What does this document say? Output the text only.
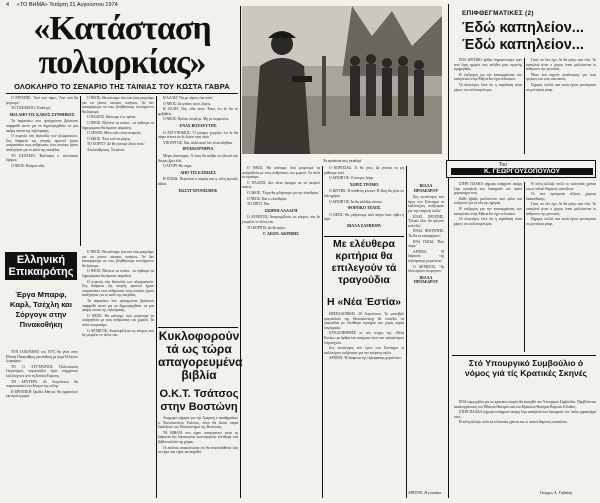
4 «ΤΟ ΒΗΜΑ» Τετάρτη 21 Αυγούστου 1974
«Κατάσταση
πολιορκίας»
ΟΛΟΚΛΗΡΟ ΤΟ ΣΕΝΑΡΙΟ ΤΗΣ ΤΑΙΝΙΑΣ ΤΟΥ ΚΩΣΤΑ ΓΑΒΡΑ

Ο ΕΡΓΑΤΗΣ: 'Από πού πάμε; 'Από πού θα φύγουμε;'

ΤΟ ΤΑΞΙΜΑΤΟ: 'Καλά μη.'

ΜΙΑ ΑΠΟ ΤΙΣ ΚΑΚΕΣ ΣΥΝΘΗΚΕΣ

Τα παρακάτω που προέρχονται βρίσκουν παραμύθι αυτοί για να δημιουργηθούν σε μια ακόμη ταινία της τηλεόρασης.

Ο στρατός στη δυσκολία των αξιωματικών. Στη διάρκεια της σκηνής αρκετοί έχουν υπερασπίσει τους ανθρώπους τους οποίους έχουν αναζητήσει για το καλό της πατρίδας.

ΤΟ ΣΧΟΛΕΙΟ: 'Καλύτερα ο τελευταίος δρόμος.'

Ο ΝΕΟΣ: Κόσμου εδώ.

Ο ΝΕΟΣ: Θα κάνουμε όσο και όσα μπορούμε για να γίνουν κάποιες κινήσεις. Αν δεν καταφέρουμε να τους βοηθήσουμε τουλάχιστον θα ξέρουμε.

Ο ΠΑΛΙΟΣ: Κάνουμε ό,τι πρέπει.

Ο ΝΕΟΣ: Βλέπετε τα σπίτια... αν έρθουμε τα ξημερώματα θα είμαστε ασφαλείς.

Ο ΞΕΝΟΣ: Μόνο κάτι είναι ασφαλές.

Ο ΙΔΙΟΣ: 'Έτσι εσύ να φύγεις.'

ΤΟ ΧΟΡΤΟ: 'Δε θα γίνουμε ξένοι ποτέ.'

Απελευθέρωση. Τα πάντα.

Η ΑΛΛΗ: 'Να με πάρεις ένα σπίτι.'

Ο ΝΕΟΣ: Δε φτάνει αυτό, ξέρεις.

Η ΑΛΛΗ: Ναι, είδα αυτό. Είπες ότι δε θα το φοβηθείς.

Ο ΝΕΟΣ: Πρέπει να φύγω. Μη με περιμένεις.

ΕΝΑΣ ΒΟΥΛΕΥΤΗΣ

Ο ΑΣΤΥΝΟΜΟΣ: 'Ο κόσμος γνωρίζει ότι δε θα πάρει τίποτα αν δε δώσει κάτι πίσω.'

ΥΠΟΥΡΓΟΣ: Ναι, αλλά αυτό δεν είναι αλήθεια.

ΙΡΟΣΚΟΡΤΗΡΙΑ

Μέρες διασποράς. Ο λαός θα ανέβει στο βουνό και θα μας βρει εδώ.

Ο ΑΓΟΡΙ: Θα πάμε;

ΑΠΟ ΤΙΣ ΕΛΠΙΔΕΣ

Η ΠΑΝΩ: Περνούσε ο καιρός και η πόλη έμοιαζε άδεια.

ΕΚΣΥΓΧΡΟΝΙΣΜΟΣ

Ο ΝΕΟΣ: Θα κάνουμε όσα μπορούμε να συζητηθούν με τους ανθρώπους του χωριού. Τα όπλα τα κρατάμε.

Ο ΠΑΛΙΟΣ: Δεν είναι όμορφο να τα σκεφτεί κανείς.

Ο ΙΔΙΟΣ: 'Τώρα θα μιλήσουμε για την ελευθερία.'

Ο ΝΕΟΣ: Και τι ελευθερία;

ΤΟ ΣΠΙΤΙ: Ναι.

ΣΚΗΝΗ ΑΛΛΑΓΗ

Ο ΑΡΧΗΓΟΣ: Αναγνωρίζεται ως κόσμος που δε γνωρίζει το τέλος του.

ΤΟ ΚΟΡΙΤΣΙ: Δε θα φύγω.

Γ. ΛΕΩΝ. ΑΚΡΙΒΗΣ

Ο ΚΟΡΙΤΣΑΣ: Τι θα γίνει; Δε γίνεται να μη μάθουμε ποτέ.

Ο ΑΡΧΗΓΟΣ: Ο κόσμος ξέρει.

ΧΩΡΙΣ ΤΡΟΜΟ

Ο ΚΡΙΤΗΣ: Η υπόθεση κλείνει. Η δίκη θα γίνει σε δύο ημέρες.

Ο ΑΡΧΗΓΟΣ: Δε θα αλλάξει τίποτα.

ΦΟΙΝΙΚΟ ΤΕΛΟΣ

Ο ΝΕΟΣ: Θα μιλήσουμε πάλι αύριο όταν έρθει η ώρα.

ΒΙΛΛΑ ΣΑΜΠΟΡΑ

Ελληνική Επικαιρότης
Έργα Μπαρφ, Καρλ, Τσέχλη και Σόργογκ στην Πινακοθήκη

ΤΟΝ ΙΑΝΟΥΑΡΙΟ του 1975, θα γίνει στην Εθνική Πινακοθήκη μια έκθεση με έργα Ελλήνων ζωγράφων.

ΤΟ Ο ΣΥΓΧΡΟΝΟΣ Πολιτιστικός Οργανισμός παρουσιάζει έργα σύγχρονων καλλιτεχνών από τη Δυτική Ευρώπη.

ΤΗ ΔΕΥΤΕΡΑ 26 Αυγούστου θα παρουσιαστεί στο θέατρο της πόλης.

Η ΕΡΓΑΤΙΚΗ Ομάδα Αθηνών θα εμφανιστεί για πρώτη φορά.

Ο ΝΕΟΣ: Θα κάνουμε όσο και όσα μπορούμε για να γίνουν κάποιες κινήσεις. Αν δεν καταφέρουμε να τους βοηθήσουμε τουλάχιστον θα ξέρουμε.

Ο ΝΕΟΣ: Βλέπετε τα σπίτια... αν έρθουμε τα ξημερώματα θα είμαστε ασφαλείς.

Ο στρατός στη δυσκολία των αξιωματικών. Στη διάρκεια της σκηνής αρκετοί έχουν υπερασπίσει τους ανθρώπους τους οποίους έχουν αναζητήσει για το καλό της πατρίδας.

Τα παρακάτω που προέρχονται βρίσκουν παραμύθι αυτοί για να δημιουργηθούν σε μια ακόμη ταινία της τηλεόρασης.

Ο ΝΕΟΣ: Θα κάνουμε όσα μπορούμε να συζητηθούν με τους ανθρώπους του χωριού. Τα όπλα τα κρατάμε.

Ο ΑΡΧΗΓΟΣ: Αναγνωρίζεται ως κόσμος που δε γνωρίζει το τέλος του.

Τα εγκαίνια στις γκαλερί
Κυκλοφορούν τά ως τώρα απαγορευμένα βιβλία
Ο.Κ.Τ. Τσάτσος στην Βοστώνη

Αναχωρεί σήμερα για την Αμερική ο ακαδημαϊκός κ. Κωνσταντίνος Τσάτσος, όπου θα δώσει σειρά διαλέξεων στο Πανεπιστήμιο της Βοστώνης.

ΤΑ ΒΙΒΛΙΑ που είχαν απαγορευτεί κατά τη διάρκεια της δικτατορίας κυκλοφορούν ελεύθερα στα βιβλιοπωλεία της χώρας.

Οι εκδότες ανακοίνωσαν ότι θα επανεκδοθούν όλα τα έργα που είχαν κατασχεθεί.

Με ελέυθερα κριτήρια θα επιλεγούν τά τραγούδια
Η «Νέα Έστία»

ΘΕΣΣΑΛΟΝΙΚΗ, 20 Αυγούστου. Το φεστιβάλ τραγουδιού της Θεσσαλονίκης θα επιλέξει τα τραγούδια με ελεύθερα κριτήρια και χωρίς καμία λογοκρισία.

ΚΥΚΛΟΦΟΡΗΣΕ το νέο τεύχος της «Νέας Εστίας» με άρθρα και ποιήματα νέων και παλαιότερων λογοτεχνών.

Στη συνάντηση που έγινε στο Σύνταγμα οι καλλιτέχνες συζήτησαν για την επόμενη σεζόν.

ΑΡΧΕΙΟ: 'Η διάρκεια της τηλεόρασης μεγαλώνει.'

ΒΙΛΛΑ ΠΡΟΔΕΔΡΟΥ

Στη συνάντηση που έγινε στο Σύνταγμα οι καλλιτέχνες συζήτησαν για την επόμενη σεζόν.

ΕΝΑΣ ΕΡΓΑΤΗΣ: 'Τελικά όλοι θα φύγουν από εδώ.'

ΕΝΑΣ ΦΟΙΤΗΤΗΣ: 'Δε θα τα καταφέρουν.'

ΕΝΑ ΠΑΙΔΙ: 'Πού πάμε;'

ΑΡΧΕΙΟ: 'Η διάρκεια της τηλεόρασης μεγαλώνει.'

Ο ΑΡΧΗΓΟΣ: 'Τα ξένα πρέπει να φύγουν.'

ΒΙΛΛΑ ΠΡΟΔΕΔΡΟΥ

ΕΠΙΦΘΕΓΜΑΤΙΚΕΣ (2)
Έδώ καπηλείον...
Έδώ καπηλείον...

ΕΝΑ ΚΡΙΤΙΚΟ άρθρο δημοσιεύτηκε πριν από λίγες ημέρες στις σελίδες μιας πρωινής εφημερίδας.

Η συζήτηση για την επανεμφάνιση των καπηλειών στην Αθήνα δεν έχει τελειώσει.

Οι ιδιοκτήτες λένε ότι η παράδοση είναι μέρος του πολιτισμού μας.

Γιατί, αν δεν έχω, δε θα φύγω από εδώ. Το καπηλειό ήταν ο χώρος όπου μαζεύονταν οι άνθρωποι της γειτονιάς.

Ήταν ένα σημείο συνάντησης για τους εργάτες και τους ναυτικούς.

Σήμερα, πολλά από αυτά έχουν μετατραπεί σε μοντέρνα μπαρ.

Του
Κ. ΓΕΩΡΓΟΥΣΟΠΟΥΛΟΥ

ΣΤΗΝ ΠΛΑΚΑ σήμερα υπάρχουν ακόμη λίγα καπηλειά που διατηρούν τον παλιό χαρακτήρα τους.

Κάθε βράδυ μαζεύονται εκεί φίλοι και συζητούν για τα νέα της ημέρας.

Η συζήτηση για την επανεμφάνιση των καπηλειών στην Αθήνα δεν έχει τελειώσει.

Οι ιδιοκτήτες λένε ότι η παράδοση είναι μέρος του πολιτισμού μας.

Η πόλη άλλαξε πολύ τα τελευταία χρόνια και οι παλιοί θαμώνες σπανίζουν.

Οι νέοι προτιμούν άλλους χώρους διασκέδασης.

Γιατί, αν δεν έχω, δε θα φύγω από εδώ. Το καπηλειό ήταν ο χώρος όπου μαζεύονταν οι άνθρωποι της γειτονιάς.

Σήμερα, πολλά από αυτά έχουν μετατραπεί σε μοντέρνα μπαρ.

Στό Υπουργικό Συμβούλιο ό νόμος γιά τίς Κρατικές Σκηνές

ΕΝΑ νομοσχέδιο για τις κρατικές σκηνές θα εισαχθεί στο Υπουργικό Συμβούλιο. Προβλέπεται αναδιοργάνωση του Εθνικού Θεάτρου και του Κρατικού Θεάτρου Βορείου Ελλάδος.

ΣΤΗΝ ΠΛΑΚΑ σήμερα υπάρχουν ακόμη λίγα καπηλειά που διατηρούν τον παλιό χαρακτήρα τους.

Η πόλη άλλαξε πολύ τα τελευταία χρόνια και οι παλιοί θαμώνες σπανίζουν.

ΑΡΓΙΟΝ: Η γυναίκα.	Γιώργος Α. Γαβαλάς
